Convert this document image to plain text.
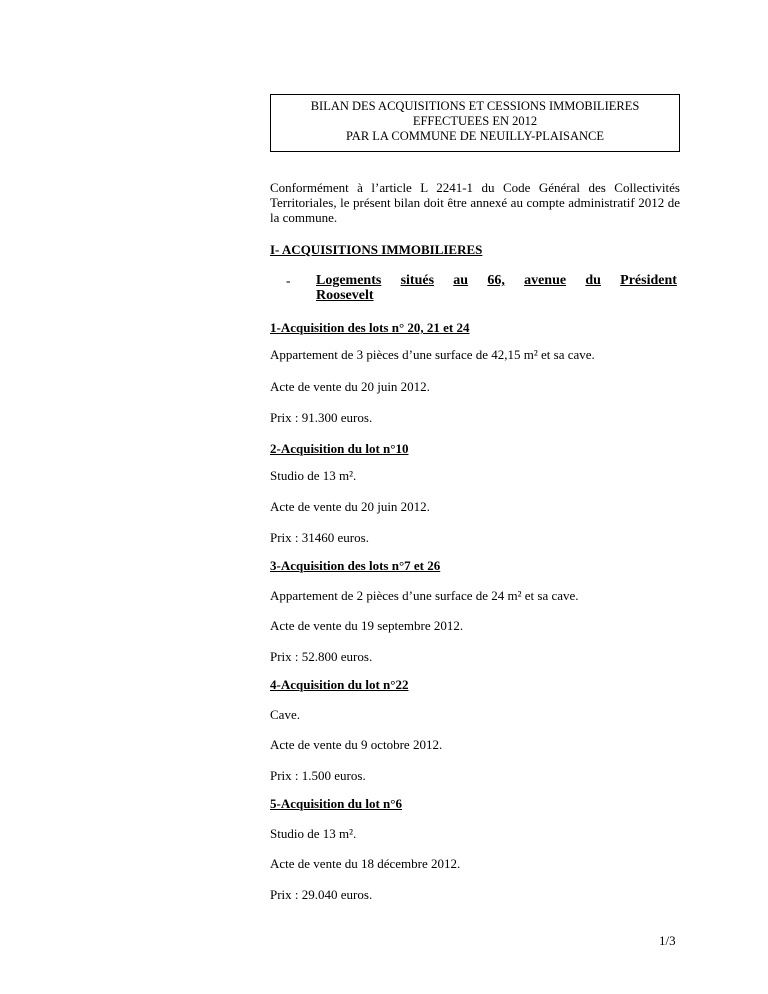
BILAN DES ACQUISITIONS ET CESSIONS IMMOBILIERES
EFFECTUEES EN 2012
PAR LA COMMUNE DE NEUILLY-PLAISANCE
Conformément à l’article L 2241-1 du Code Général des Collectivités Territoriales, le présent bilan doit être annexé au compte administratif 2012 de la commune.
I- ACQUISITIONS IMMOBILIERES
- Logements situés au 66, avenue du Président
Roosevelt
1-Acquisition des lots n° 20, 21 et 24
Appartement de 3 pièces d’une surface de 42,15 m² et sa cave.
Acte de vente du 20 juin 2012.
Prix : 91.300 euros.
2-Acquisition du lot n°10
Studio de 13 m².
Acte de vente du 20 juin 2012.
Prix : 31460 euros.
3-Acquisition des lots n°7 et 26
Appartement de 2 pièces d’une surface de 24 m² et sa cave.
Acte de vente du 19 septembre 2012.
Prix : 52.800 euros.
4-Acquisition du lot n°22
Cave.
Acte de vente du 9 octobre 2012.
Prix : 1.500 euros.
5-Acquisition du lot n°6
Studio de 13 m².
Acte de vente du 18 décembre 2012.
Prix : 29.040 euros.
1/3
